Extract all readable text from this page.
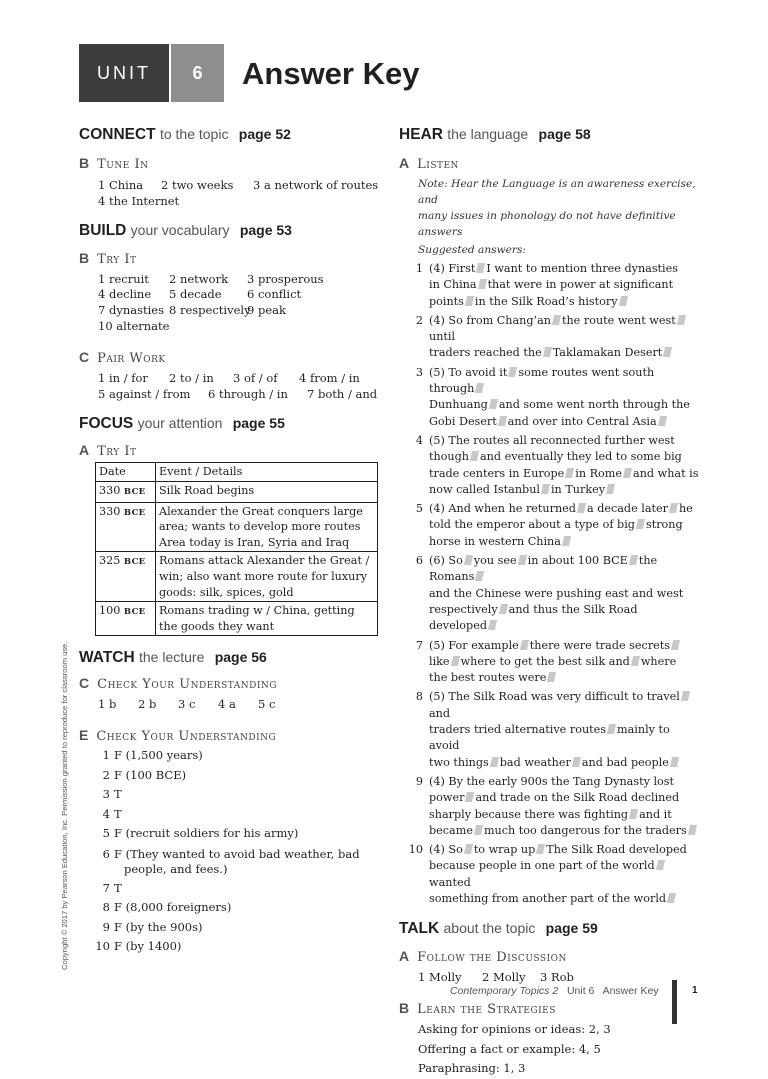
UNIT	6	Answer Key
CONNECT to the topic page 52
B Tune In
1 China 2 two weeks 3 a network of routes
4 the Internet
BUILD your vocabulary page 53
B Try It
1 recruit 2 network 3 prosperous
4 decline 5 decade 6 conflict
7 dynasties 8 respectively9 peak
10 alternate
C Pair Work
1 in / for 2 to / in 3 of / of 4 from / in
5 against / from 6 through / in 7 both / and
FOCUS your attention page 55
A Try It
Date	Event / Details
330 BCE	Silk Road begins
330 BCE	Alexander the Great conquers large area; wants to develop more routes Area today is Iran, Syria and Iraq
325 BCE	Romans attack Alexander the Great / win; also want more route for luxury goods: silk, spices, gold
100 BCE	Romans trading w / China, getting the goods they want
WATCH the lecture page 56
C Check Your Understanding
1 b 2 b 3 c 4 a 5 c
E Check Your Understanding
1 F (1,500 years)
2 F (100 BCE)
3 T
4 T
5 F (recruit soldiers for his army)
6 F (They wanted to avoid bad weather, bad
people, and fees.)
7 T
8 F (8,000 foreigners)
9 F (by the 900s)
10 F (by 1400)
HEAR the language page 58
A Listen
Note: Hear the Language is an awareness exercise, and
many issues in phonology do not have definitive answers
Suggested answers:
1 (4) First I want to mention three dynasties
in China that were in power at significant
points in the Silk Road’s history
2 (4) So from Chang’an the route went westuntil
traders reached the Taklamakan Desert
3 (5) To avoid it some routes went south through
Dunhuang and some went north through the
Gobi Desert and over into Central Asia
4 (5) The routes all reconnected further west
though and eventually they led to some big
trade centers in Europe in Rome and what is
now called Istanbul in Turkey
5 (4) And when he returned a decade later he
told the emperor about a type of big strong
horse in western China
6 (6) So you see in about 100 BCE the Romans
and the Chinese were pushing east and west
respectively and thus the Silk Road developed
7 (5) For example there were trade secrets
like where to get the best silk and where
the best routes were
8 (5) The Silk Road was very difficult to traveland
traders tried alternative routes mainly to avoid
two things bad weather and bad people
9 (4) By the early 900s the Tang Dynasty lost
power and trade on the Silk Road declined
sharply because there was fighting and it
became much too dangerous for the traders
10 (4) So to wrap up The Silk Road developed
because people in one part of the worldwanted
something from another part of the world
TALK about the topic page 59
A Follow the Discussion
1 Molly 2 Molly 3 Rob
B Learn the Strategies
Asking for opinions or ideas: 2, 3
Offering a fact or example: 4, 5
Paraphrasing: 1, 3
Copyright © 2017 by Pearson Education, Inc. Permission granted to reproduce for classroom use.
Contemporary Topics 2 Unit 6 Answer Key	1
